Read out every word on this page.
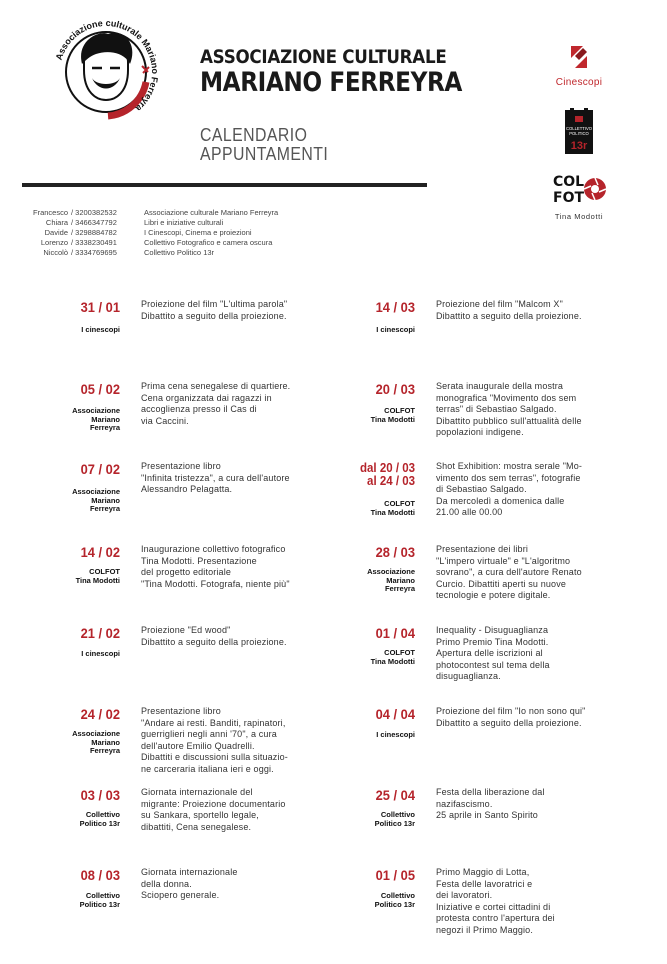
Associazione culturale Mariano Ferreyra
ASSOCIAZIONE CULTURALE
MARIANO FERREYRA
CALENDARIO
APPUNTAMENTI
Cinescopi
COLLETTIVO
POLITICO
13r
COL
FOT
Tina Modotti
Francesco / 3200382532	Associazione culturale Mariano Ferreyra
Chiara / 3466347792	Libri e iniziative culturali
Davide / 3298884782	I Cinescopi, Cinema e proiezioni
Lorenzo / 3338230491	Collettivo Fotografico e camera oscura
Niccolò / 3334769695	Collettivo Politico 13r
31 / 01
I cinescopi
Proiezione del film "L'ultima parola"
Dibattito a seguito della proiezione.
05 / 02
Associazione
Mariano
Ferreyra
Prima cena senegalese di quartiere.
Cena organizzata dai ragazzi in
accoglienza presso il Cas di
via Caccini.
07 / 02
Associazione
Mariano
Ferreyra
Presentazione libro
"Infinita tristezza", a cura dell'autore
Alessandro Pelagatta.
14 / 02
COLFOT
Tina Modotti
Inaugurazione collettivo fotografico
Tina Modotti. Presentazione
del progetto editoriale
"Tina Modotti. Fotografa, niente più"
21 / 02
I cinescopi
Proiezione "Ed wood"
Dibattito a seguito della proiezione.
24 / 02
Associazione
Mariano
Ferreyra
Presentazione libro
"Andare ai resti. Banditi, rapinatori,
guerriglieri negli anni '70", a cura
dell'autore Emilio Quadrelli.
Dibattiti e discussioni sulla situazio-
ne carceraria italiana ieri e oggi.
03 / 03
Collettivo
Politico 13r
Giornata internazionale del
migrante: Proiezione documentario
su Sankara, sportello legale,
dibattiti, Cena senegalese.
08 / 03
Collettivo
Politico 13r
Giornata internazionale
della donna.
Sciopero generale.
14 / 03
I cinescopi
Proiezione del film "Malcom X"
Dibattito a seguito della proiezione.
20 / 03
COLFOT
Tina Modotti
Serata inaugurale della mostra
monografica "Movimento dos sem
terras" di Sebastiao Salgado.
Dibattito pubblico sull'attualità delle
popolazioni indigene.
dal 20 / 03
al 24 / 03
COLFOT
Tina Modotti
Shot Exhibition: mostra serale "Mo-
vimento dos sem terras", fotografie
di Sebastiao Salgado.
Da mercoledì a domenica dalle
21.00 alle 00.00
28 / 03
Associazione
Mariano
Ferreyra
Presentazione dei libri
"L'impero virtuale" e "L'algoritmo
sovrano", a cura dell'autore Renato
Curcio. Dibattiti aperti su nuove
tecnologie e potere digitale.
01 / 04
COLFOT
Tina Modotti
Inequality - Disuguaglianza
Primo Premio Tina Modotti.
Apertura delle iscrizioni al
photocontest sul tema della
disuguaglianza.
04 / 04
I cinescopi
Proiezione del film "Io non sono qui"
Dibattito a seguito della proiezione.
25 / 04
Collettivo
Politico 13r
Festa della liberazione dal
nazifascismo.
25 aprile in Santo Spirito
01 / 05
Collettivo
Politico 13r
Primo Maggio di Lotta,
Festa delle lavoratrici e
dei lavoratori.
Iniziative e cortei cittadini di
protesta contro l'apertura dei
negozi il Primo Maggio.
